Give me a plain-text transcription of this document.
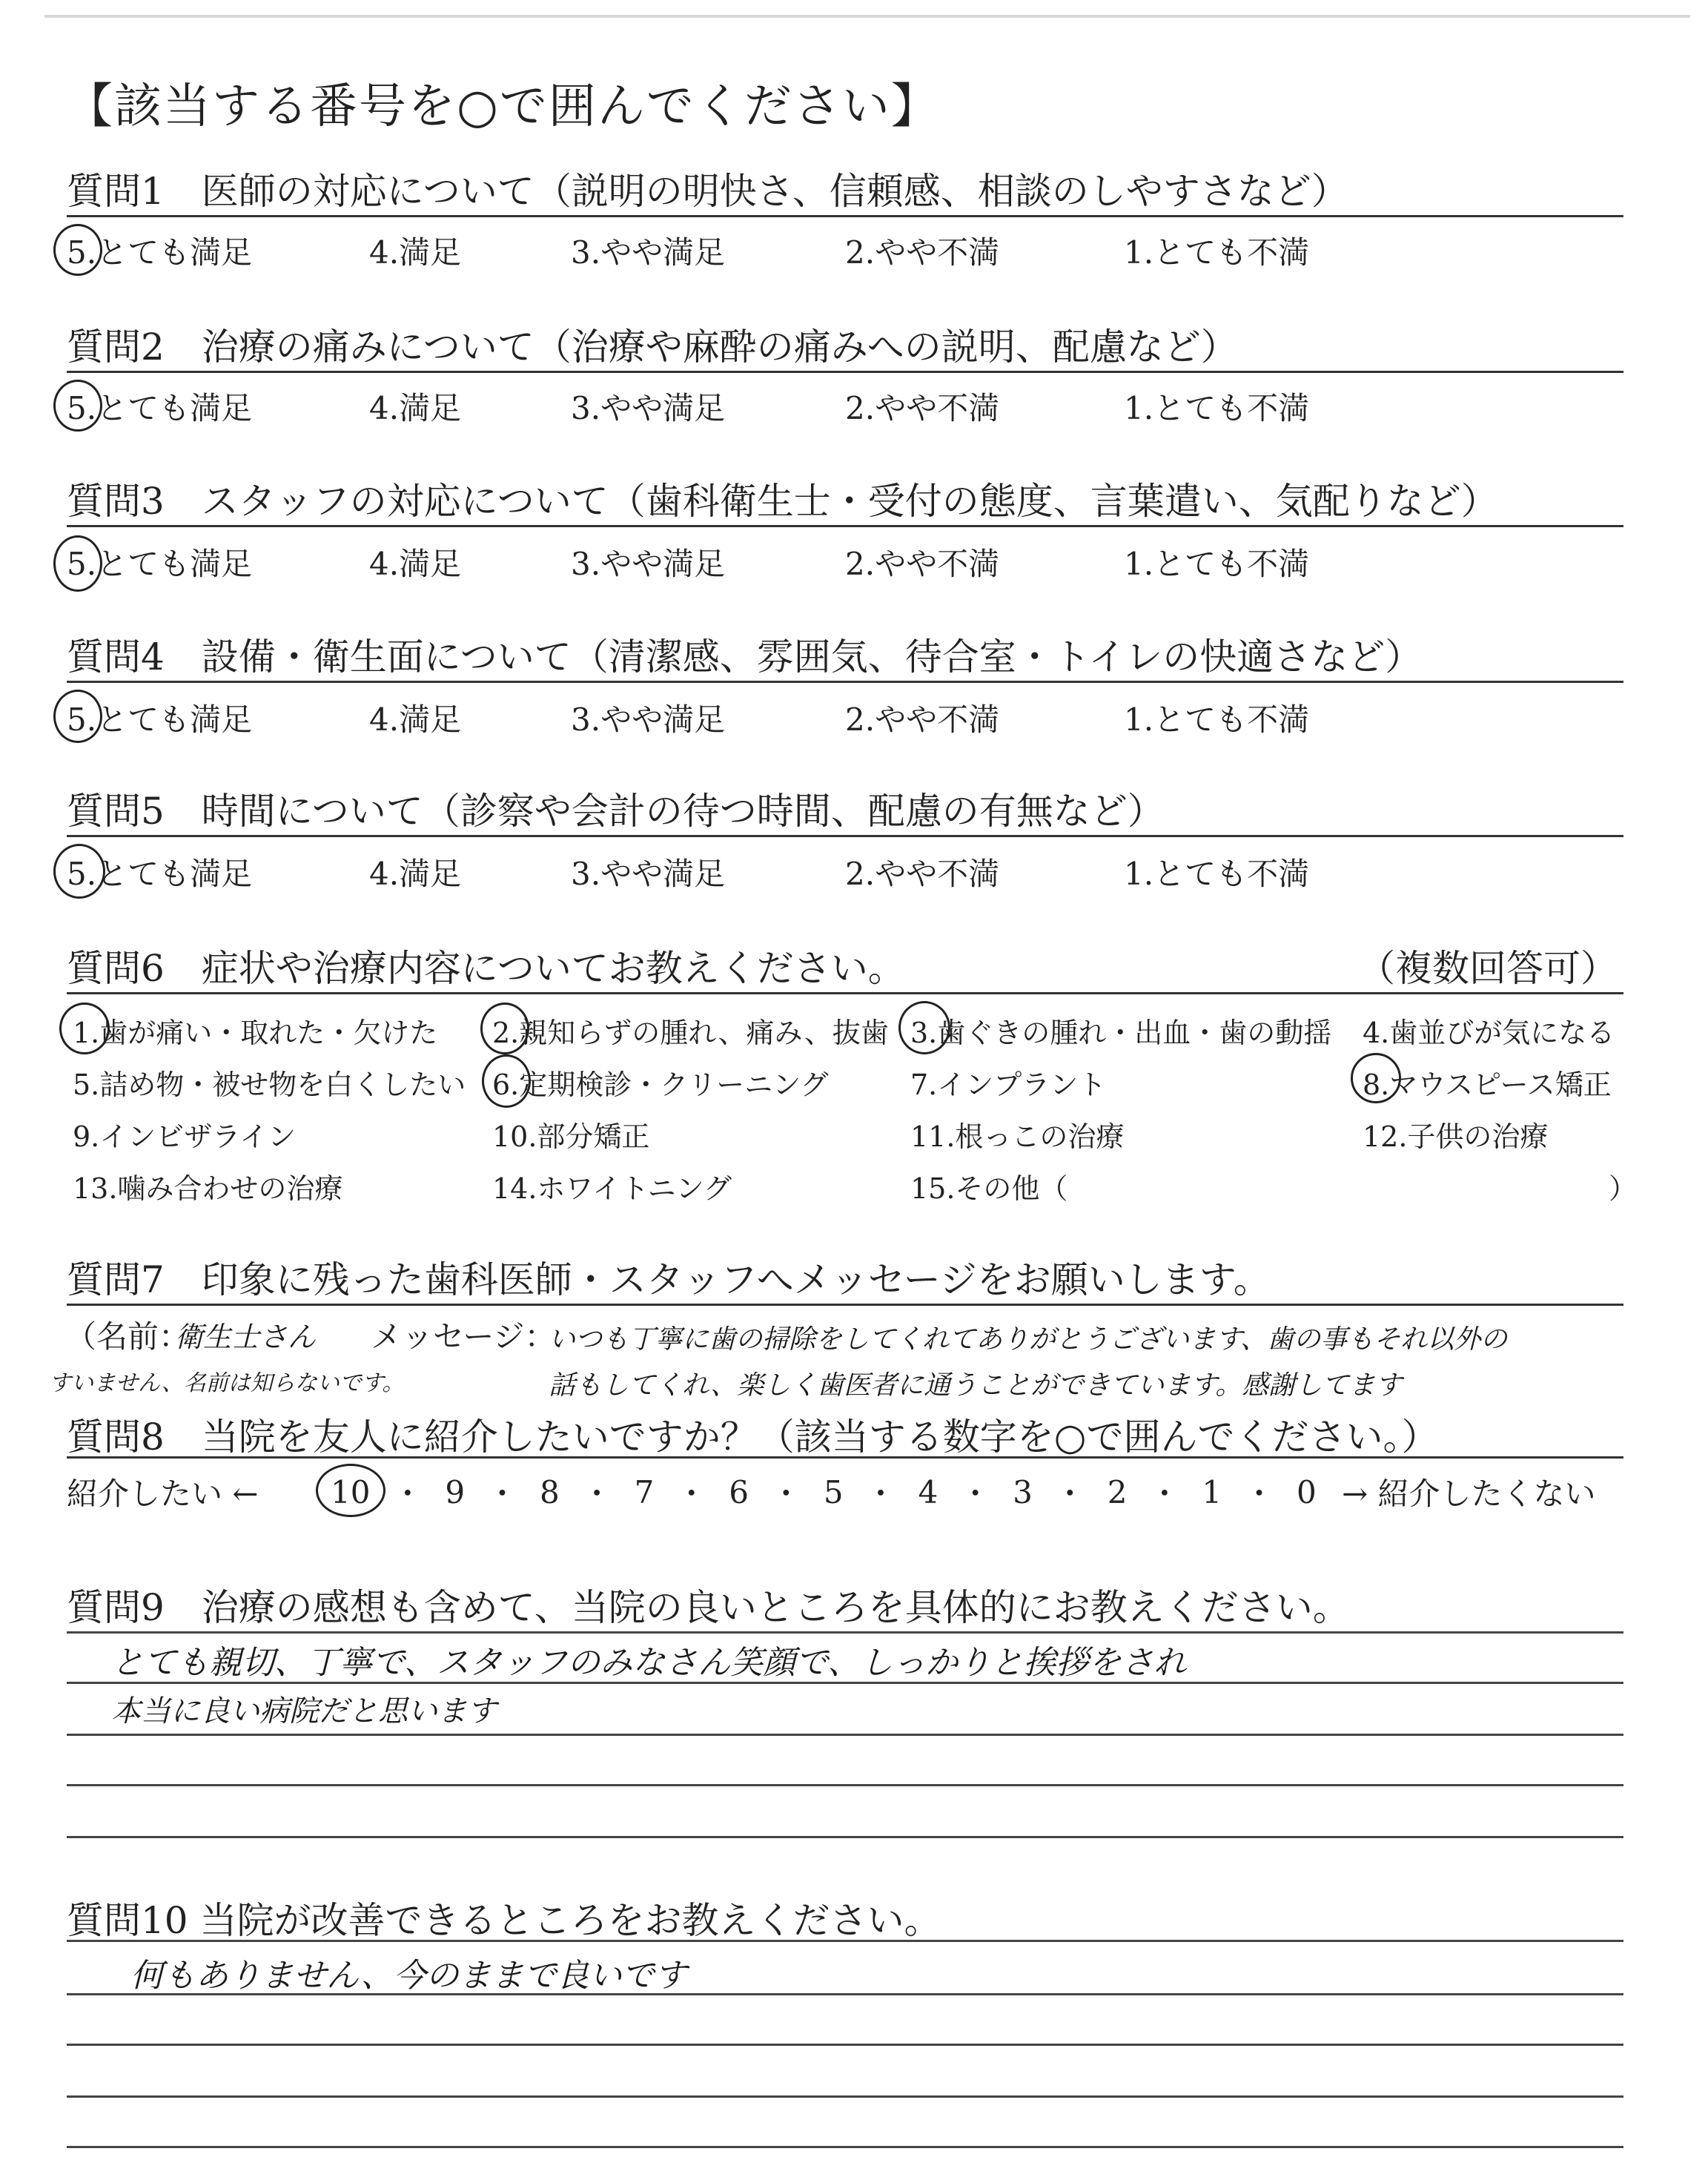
【該当する番号を○で囲んでください】
質問1　医師の対応について（説明の明快さ、信頼感、相談のしやすさなど）
5.とても満足	4.満足	3.やや満足	2.やや不満	1.とても不満
質問2　治療の痛みについて（治療や麻酔の痛みへの説明、配慮など）
5.とても満足	4.満足	3.やや満足	2.やや不満	1.とても不満
質問3　スタッフの対応について（歯科衛生士・受付の態度、言葉遣い、気配りなど）
5.とても満足	4.満足	3.やや満足	2.やや不満	1.とても不満
質問4　設備・衛生面について（清潔感、雰囲気、待合室・トイレの快適さなど）
5.とても満足	4.満足	3.やや満足	2.やや不満	1.とても不満
質問5　時間について（診察や会計の待つ時間、配慮の有無など）
5.とても満足	4.満足	3.やや満足	2.やや不満	1.とても不満
質問6　症状や治療内容についてお教えください。	（複数回答可）
1.歯が痛い・取れた・欠けた 2.親知らずの腫れ、痛み、抜歯 3.歯ぐきの腫れ・出血・歯の動揺 4.歯並びが気になる
5.詰め物・被せ物を白くしたい 6.定期検診・クリーニング	7.インプラント	8.マウスピース矯正
9.インビザライン	10.部分矯正	11.根っこの治療	12.子供の治療
13.噛み合わせの治療	14.ホワイトニング	15.その他（	）
質問7　印象に残った歯科医師・スタッフへメッセージをお願いします。
（名前：
衛生士さん メッセージ：
いつも丁寧に歯の掃除をしてくれてありがとうございます、歯の事もそれ以外の
すいません、名前は知らないです。	話もしてくれ、楽しく歯医者に通うことができています。感謝してます
質問8　当院を友人に紹介したいですか？（該当する数字を○で囲んでください。）
紹介したい ← 10 ・ 9 ・ 8 ・ 7 ・ 6 ・ 5 ・ 4 ・ 3 ・ 2 ・ 1 ・ 0 → 紹介したくない
質問9　治療の感想も含めて、当院の良いところを具体的にお教えください。
とても親切、丁寧で、スタッフのみなさん笑顔で、しっかりと挨拶をされ
本当に良い病院だと思います
質問10 当院が改善できるところをお教えください。
何もありません、今のままで良いです
